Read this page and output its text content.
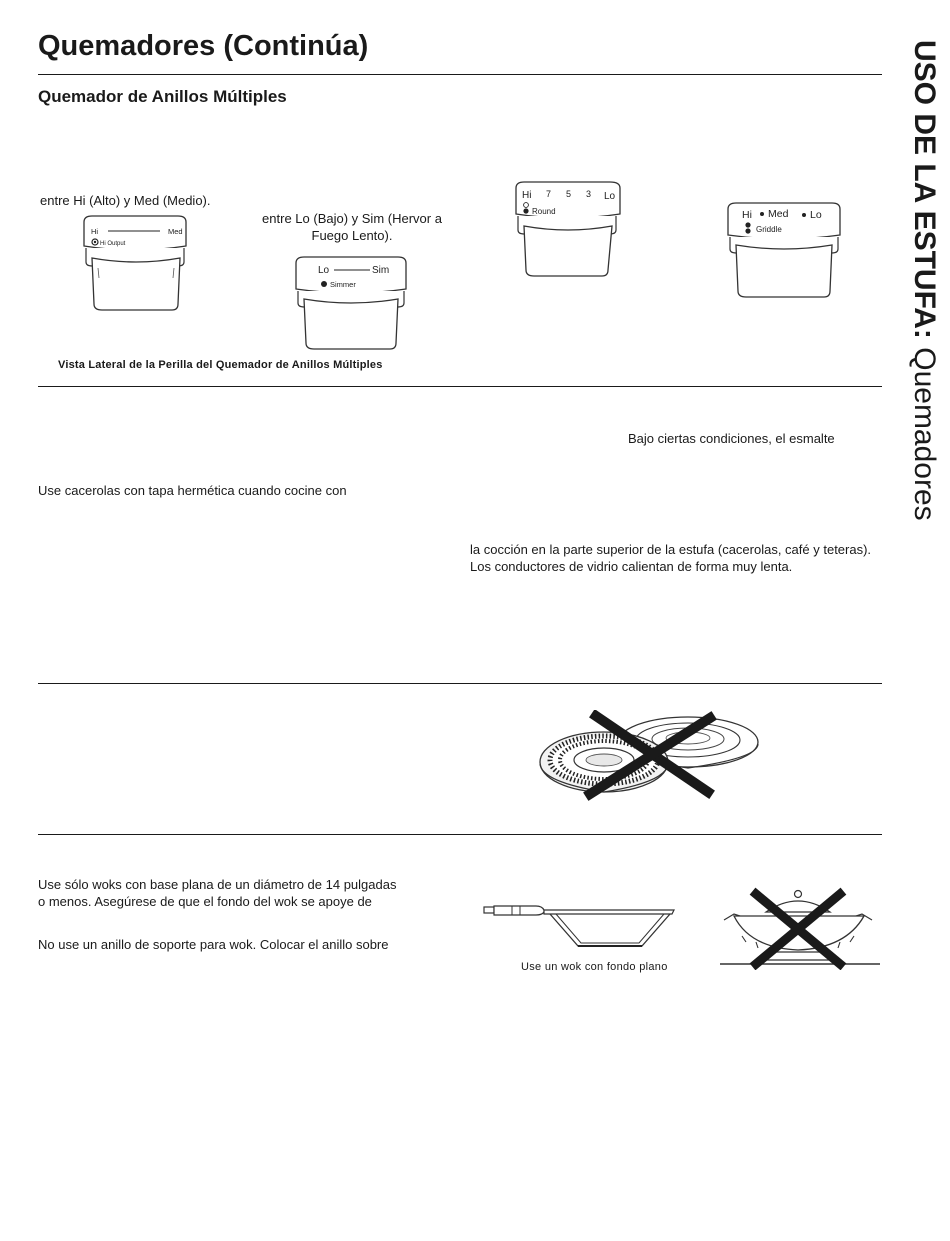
Quemadores (Continúa)
Quemador de Anillos Múltiples	USO DE LA ESTUFA: Quemadores
entre Hi (Alto) y Med (Medio).
entre Lo (Bajo) y Sim (Hervor a Fuego Lento).
Hi	Med
Hi Output
Lo	Sim
Simmer
Hi 7 5 3 Lo
Round	Hi Med Lo
Griddle
Vista Lateral de la Perilla del Quemador de Anillos Múltiples
Bajo ciertas condiciones, el esmalte
Use cacerolas con tapa hermética cuando cocine con
la cocción en la parte superior de la estufa (cacerolas, café y teteras). Los conductores de vidrio calientan de forma muy lenta.
Use sólo woks con base plana de un diámetro de 14 pulgadas
o menos. Asegúrese de que el fondo del wok se apoye de
No use un anillo de soporte para wok. Colocar el anillo sobre
Use un wok con fondo plano
